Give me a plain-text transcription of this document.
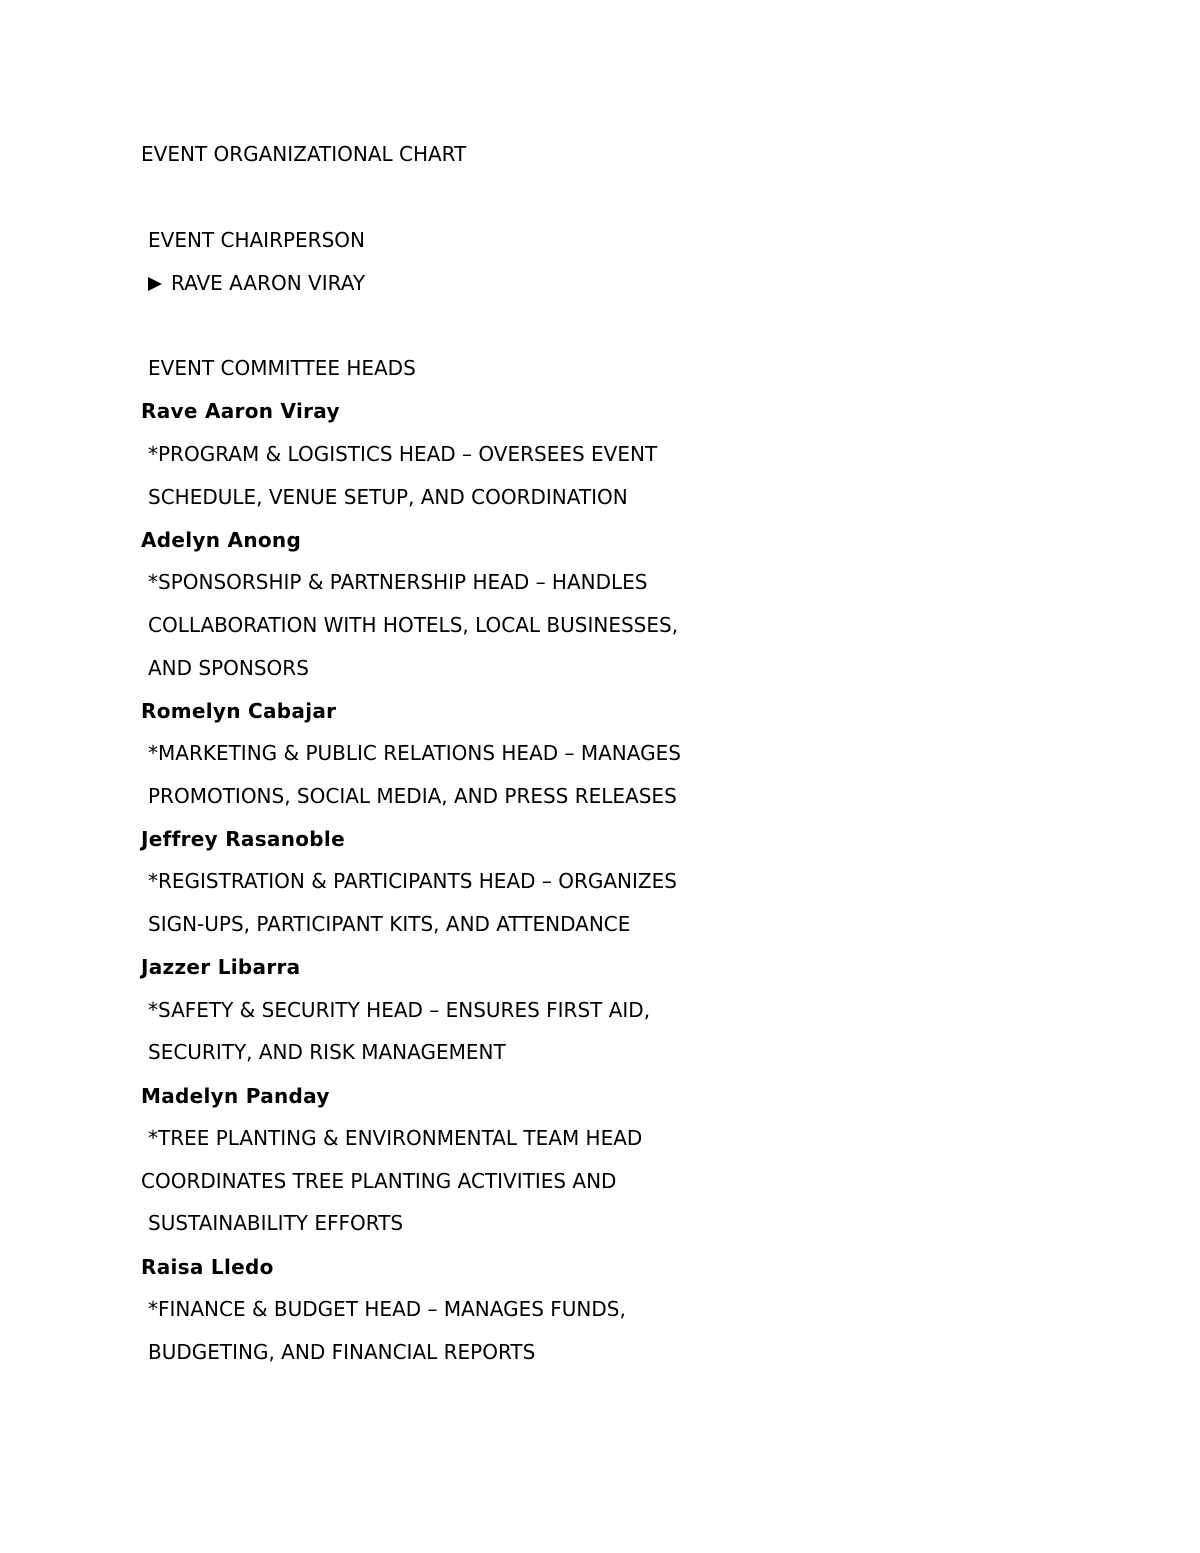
EVENT ORGANIZATIONAL CHART
EVENT CHAIRPERSON
RAVE AARON VIRAY
EVENT COMMITTEE HEADS
Rave Aaron Viray
*PROGRAM & LOGISTICS HEAD – OVERSEES EVENT
SCHEDULE, VENUE SETUP, AND COORDINATION
Adelyn Anong
*SPONSORSHIP & PARTNERSHIP HEAD – HANDLES
COLLABORATION WITH HOTELS, LOCAL BUSINESSES,
AND SPONSORS
Romelyn Cabajar
*MARKETING & PUBLIC RELATIONS HEAD – MANAGES
PROMOTIONS, SOCIAL MEDIA, AND PRESS RELEASES
Jeffrey Rasanoble
*REGISTRATION & PARTICIPANTS HEAD – ORGANIZES
SIGN-UPS, PARTICIPANT KITS, AND ATTENDANCE
Jazzer Libarra
*SAFETY & SECURITY HEAD – ENSURES FIRST AID,
SECURITY, AND RISK MANAGEMENT
Madelyn Panday
*TREE PLANTING & ENVIRONMENTAL TEAM HEAD
COORDINATES TREE PLANTING ACTIVITIES AND
SUSTAINABILITY EFFORTS
Raisa Lledo
*FINANCE & BUDGET HEAD – MANAGES FUNDS,
BUDGETING, AND FINANCIAL REPORTS
